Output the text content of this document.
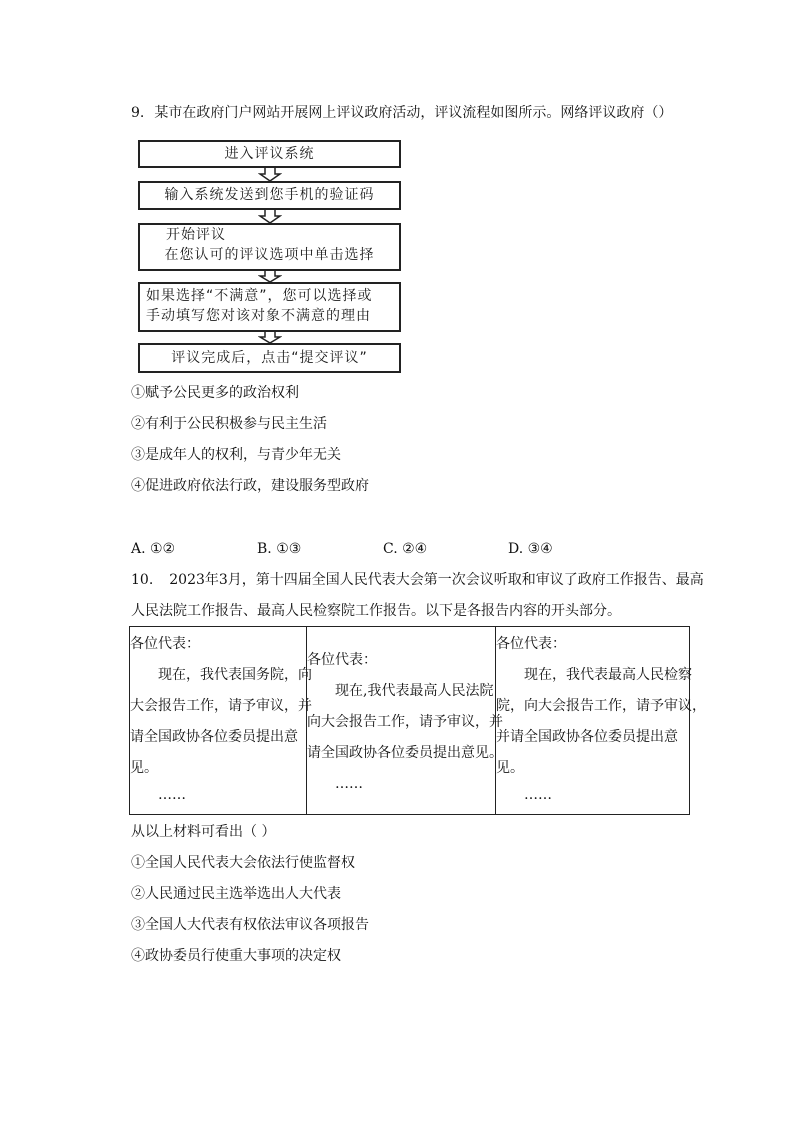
9. 某市在政府门户网站开展网上评议政府活动，评议流程如图所示。网络评议政府（）
进入评议系统
输入系统发送到您手机的验证码
开始评议
在您认可的评议选项中单击选择
如果选择“不满意”，您可以选择或
手动填写您对该对象不满意的理由
评议完成后，点击“提交评议”
①赋予公民更多的政治权利
②有利于公民积极参与民主生活
③是成年人的权利，与青少年无关
④促进政府依法行政，建设服务型政府
A. ①②	B. ①③	C. ②④	D. ③④
10. 2023年3月，第十四届全国人民代表大会第一次会议听取和审议了政府工作报告、最高
人民法院工作报告、最高人民检察院工作报告。以下是各报告内容的开头部分。

各位代表：

现在，我代表国务院，向

大会报告工作，请予审议，并

请全国政协各位委员提出意

见。

……

各位代表：

现在,我代表最高人民法院

向大会报告工作，请予审议，并

请全国政协各位委员提出意见。

……

各位代表：

现在，我代表最高人民检察

院，向大会报告工作，请予审议，

并请全国政协各位委员提出意

见。

……

从以上材料可看出（ ）
①全国人民代表大会依法行使监督权
②人民通过民主选举选出人大代表
③全国人大代表有权依法审议各项报告
④政协委员行使重大事项的决定权
